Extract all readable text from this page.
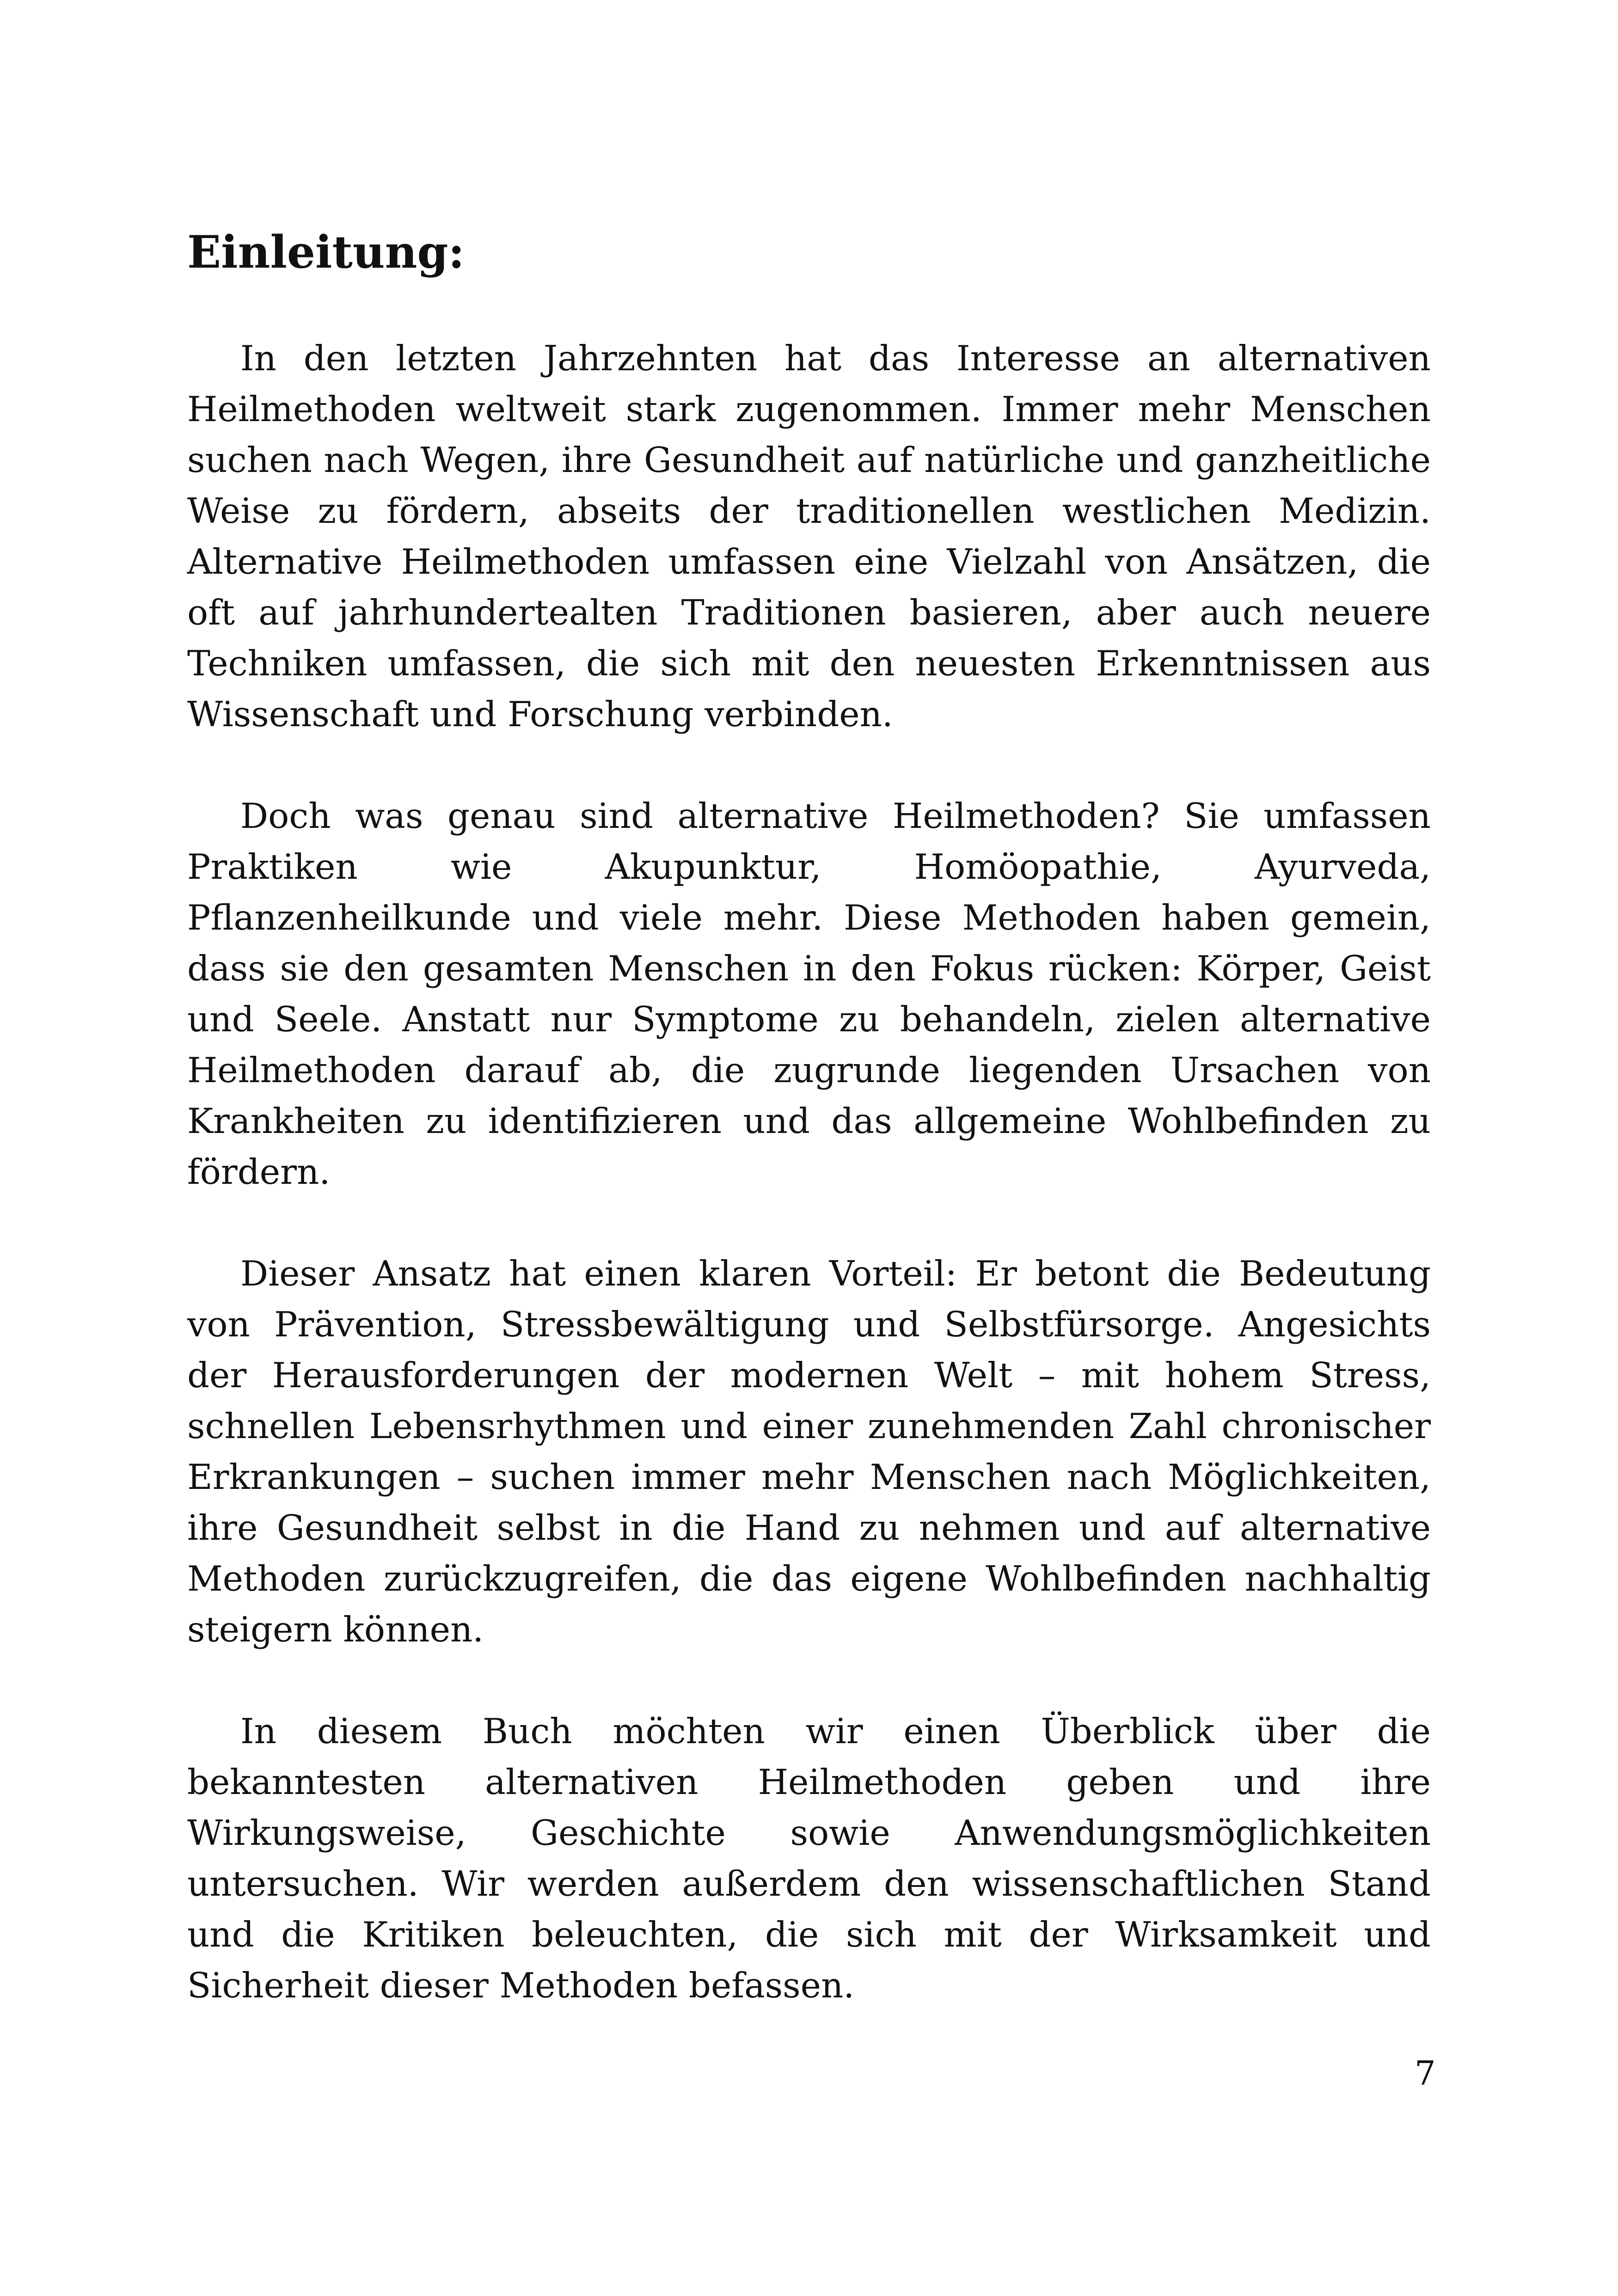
Einleitung:

In den letzten Jahrzehnten hat das Interesse an alternativen Heilmethoden weltweit stark zugenommen. Immer mehr Menschen suchen nach Wegen, ihre Gesundheit auf natürliche und ganzheitliche Weise zu fördern, abseits der traditionellen westlichen Medizin. Alternative Heilmethoden umfassen eine Vielzahl von Ansätzen, die oft auf jahrhundertealten Traditionen basieren, aber auch neuere Techniken umfassen, die sich mit den neuesten Erkenntnissen aus Wissenschaft und Forschung verbinden.

Doch was genau sind alternative Heilmethoden? Sie umfassen Praktiken wie Akupunktur, Homöopathie, Ayurveda, Pflanzenheilkunde und viele mehr. Diese Methoden haben gemein, dass sie den gesamten Menschen in den Fokus rücken: Körper, Geist und Seele. Anstatt nur Symptome zu behandeln, zielen alternative Heilmethoden darauf ab, die zugrunde liegenden Ursachen von Krankheiten zu identifizieren und das allgemeine Wohlbefinden zu fördern.

Dieser Ansatz hat einen klaren Vorteil: Er betont die Bedeutung von Prävention, Stressbewältigung und Selbstfürsorge. Angesichts der Herausforderungen der modernen Welt – mit hohem Stress, schnellen Lebensrhythmen und einer zunehmenden Zahl chronischer Erkrankungen – suchen immer mehr Menschen nach Möglichkeiten, ihre Gesundheit selbst in die Hand zu nehmen und auf alternative Methoden zurückzugreifen, die das eigene Wohlbefinden nachhaltig steigern können.

In diesem Buch möchten wir einen Überblick über die bekanntesten alternativen Heilmethoden geben und ihre Wirkungsweise, Geschichte sowie Anwendungsmöglichkeiten untersuchen. Wir werden außerdem den wissenschaftlichen Stand und die Kritiken beleuchten, die sich mit der Wirksamkeit und Sicherheit dieser Methoden befassen.

7
